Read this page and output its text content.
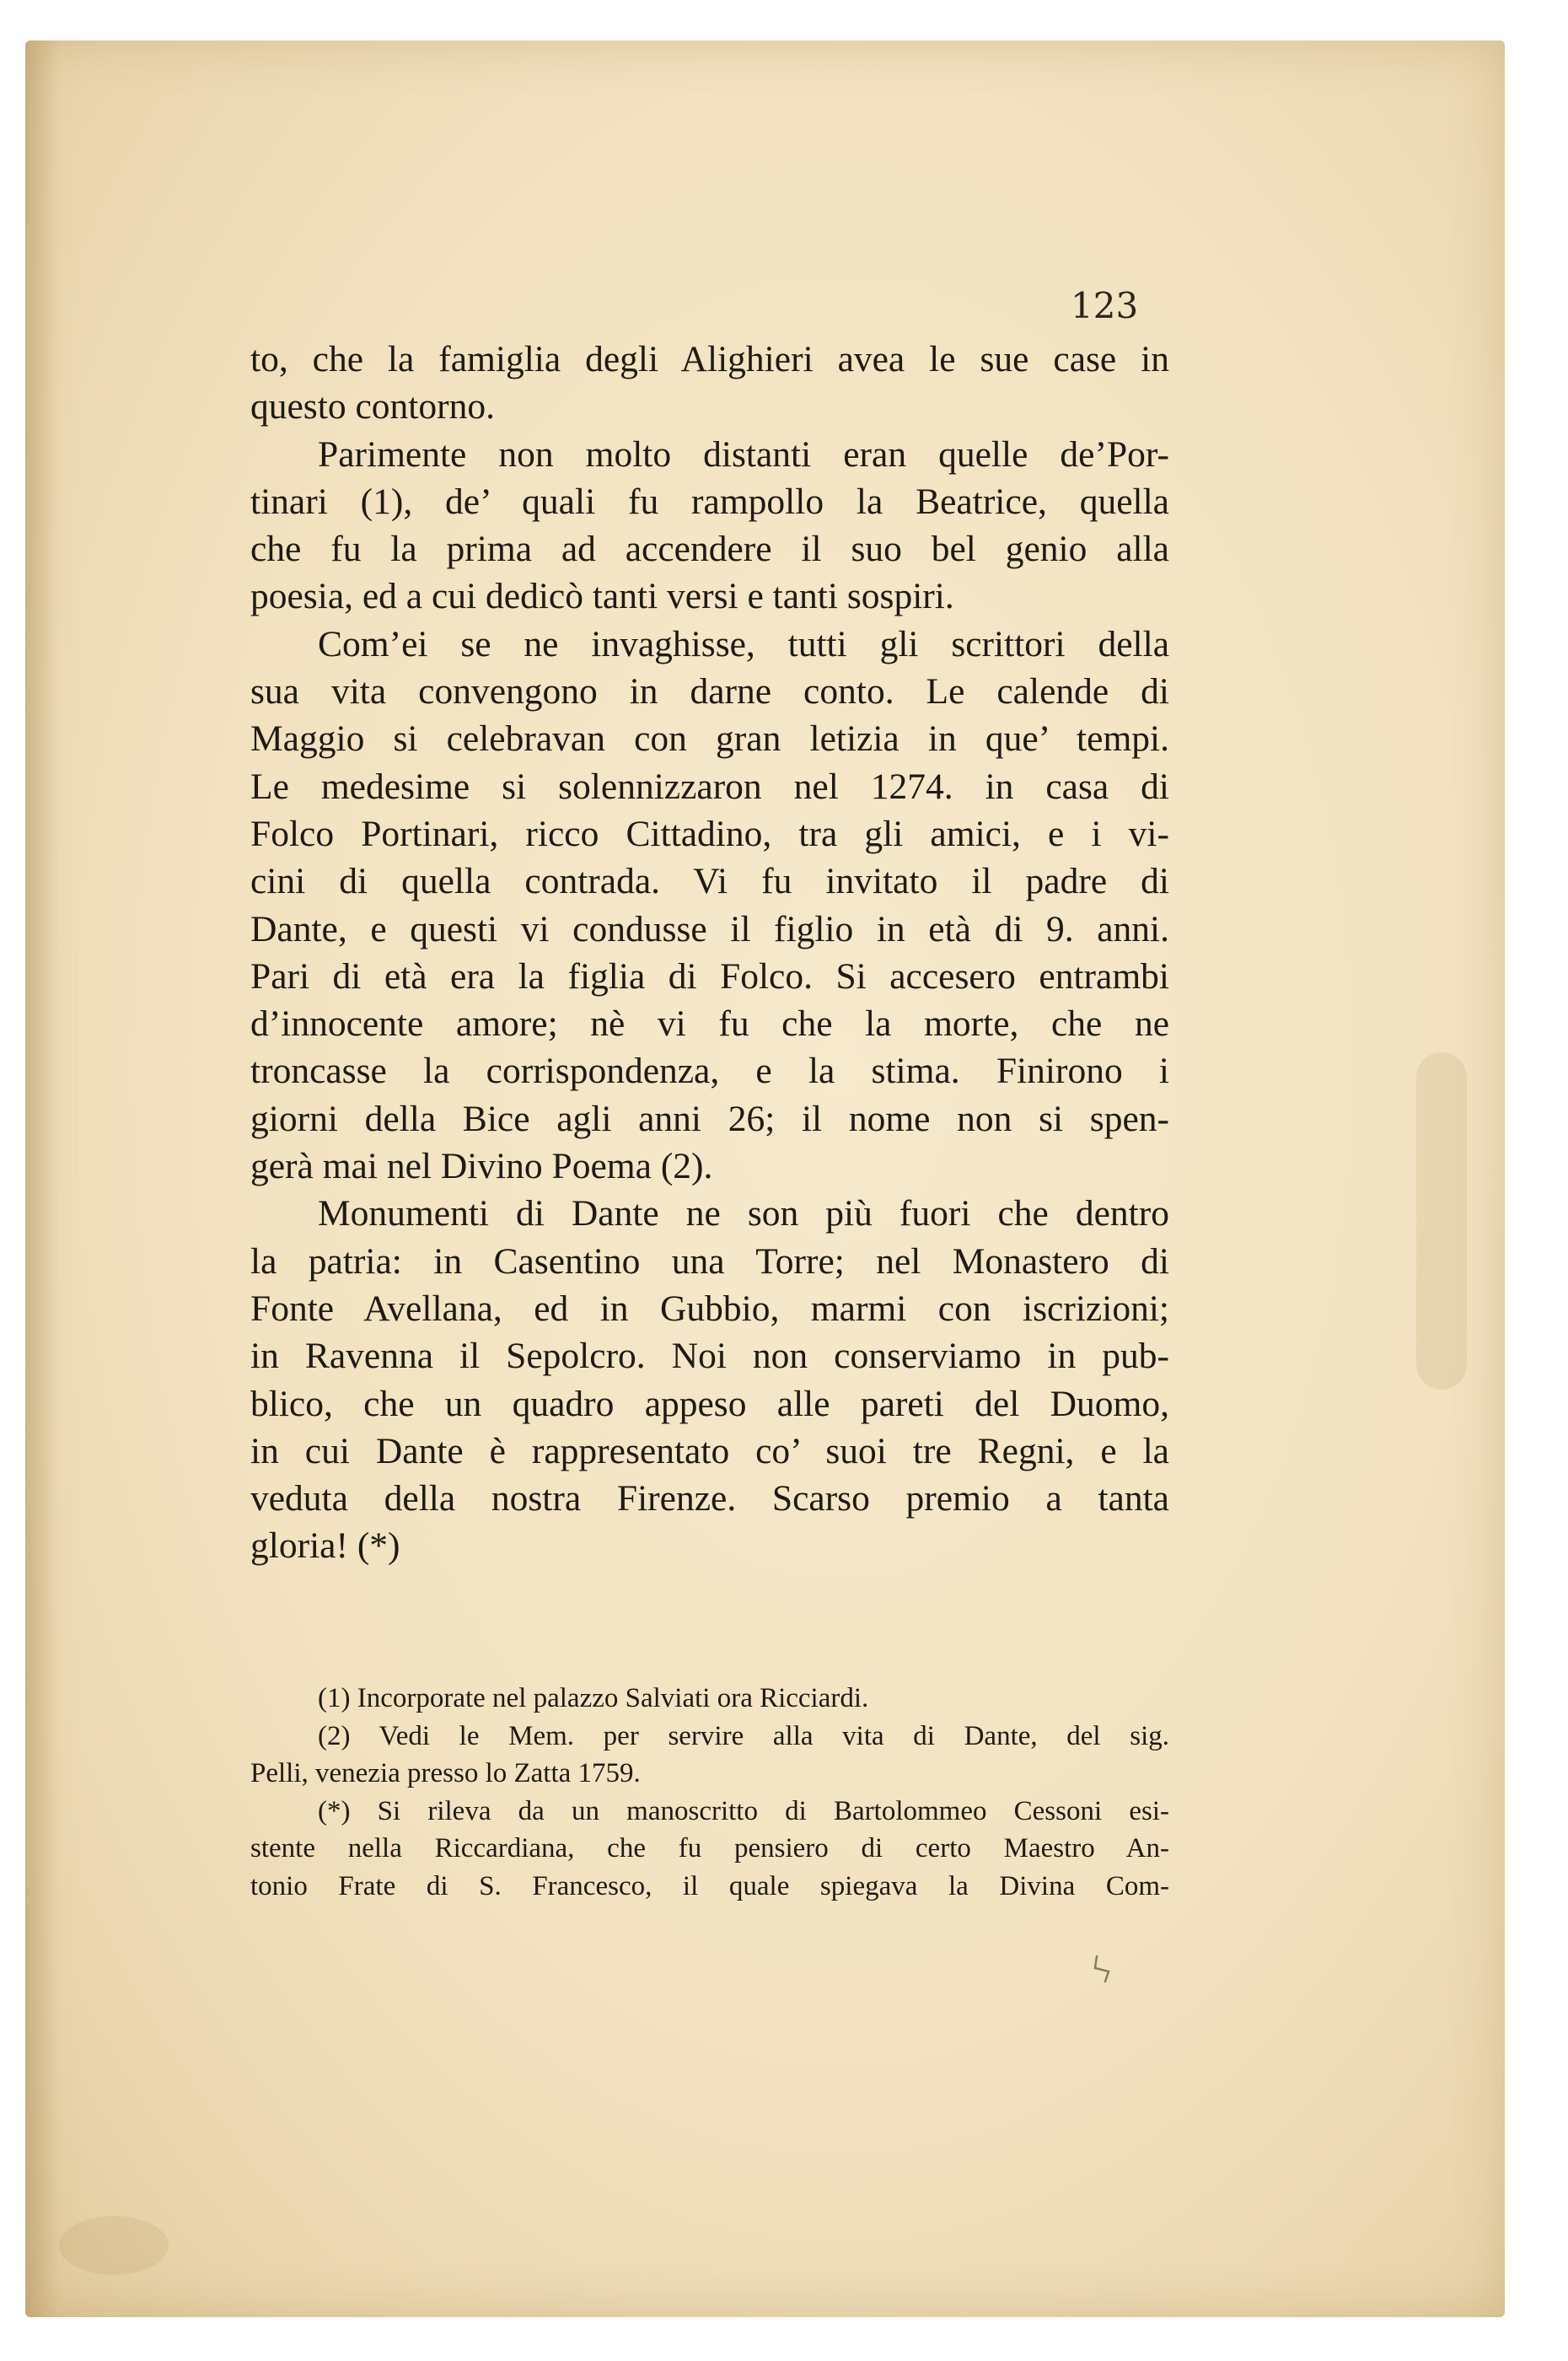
123
to, che la famiglia degli Alighieri avea le sue case in
questo contorno.
Parimente non molto distanti eran quelle de’Por-
tinari (1), de’ quali fu rampollo la Beatrice, quella
che fu la prima ad accendere il suo bel genio alla
poesia, ed a cui dedicò tanti versi e tanti sospiri.
Com’ei se ne invaghisse, tutti gli scrittori della
sua vita convengono in darne conto. Le calende di
Maggio si celebravan con gran letizia in que’ tempi.
Le medesime si solennizzaron nel 1274. in casa di
Folco Portinari, ricco Cittadino, tra gli amici, e i vi-
cini di quella contrada. Vi fu invitato il padre di
Dante, e questi vi condusse il figlio in età di 9. anni.
Pari di età era la figlia di Folco. Si accesero entrambi
d’innocente amore; nè vi fu che la morte, che ne
troncasse la corrispondenza, e la stima. Finirono i
giorni della Bice agli anni 26; il nome non si spen-
gerà mai nel Divino Poema (2).
Monumenti di Dante ne son più fuori che dentro
la patria: in Casentino una Torre; nel Monastero di
Fonte Avellana, ed in Gubbio, marmi con iscrizioni;
in Ravenna il Sepolcro. Noi non conserviamo in pub-
blico, che un quadro appeso alle pareti del Duomo,
in cui Dante è rappresentato co’ suoi tre Regni, e la
veduta della nostra Firenze. Scarso premio a tanta
gloria! (*)
(1) Incorporate nel palazzo Salviati ora Ricciardi.
(2) Vedi le Mem. per servire alla vita di Dante, del sig.
Pelli, venezia presso lo Zatta 1759.
(*) Si rileva da un manoscritto di Bartolommeo Cessoni esi-
stente nella Riccardiana, che fu pensiero di certo Maestro An-
tonio Frate di S. Francesco, il quale spiegava la Divina Com-
